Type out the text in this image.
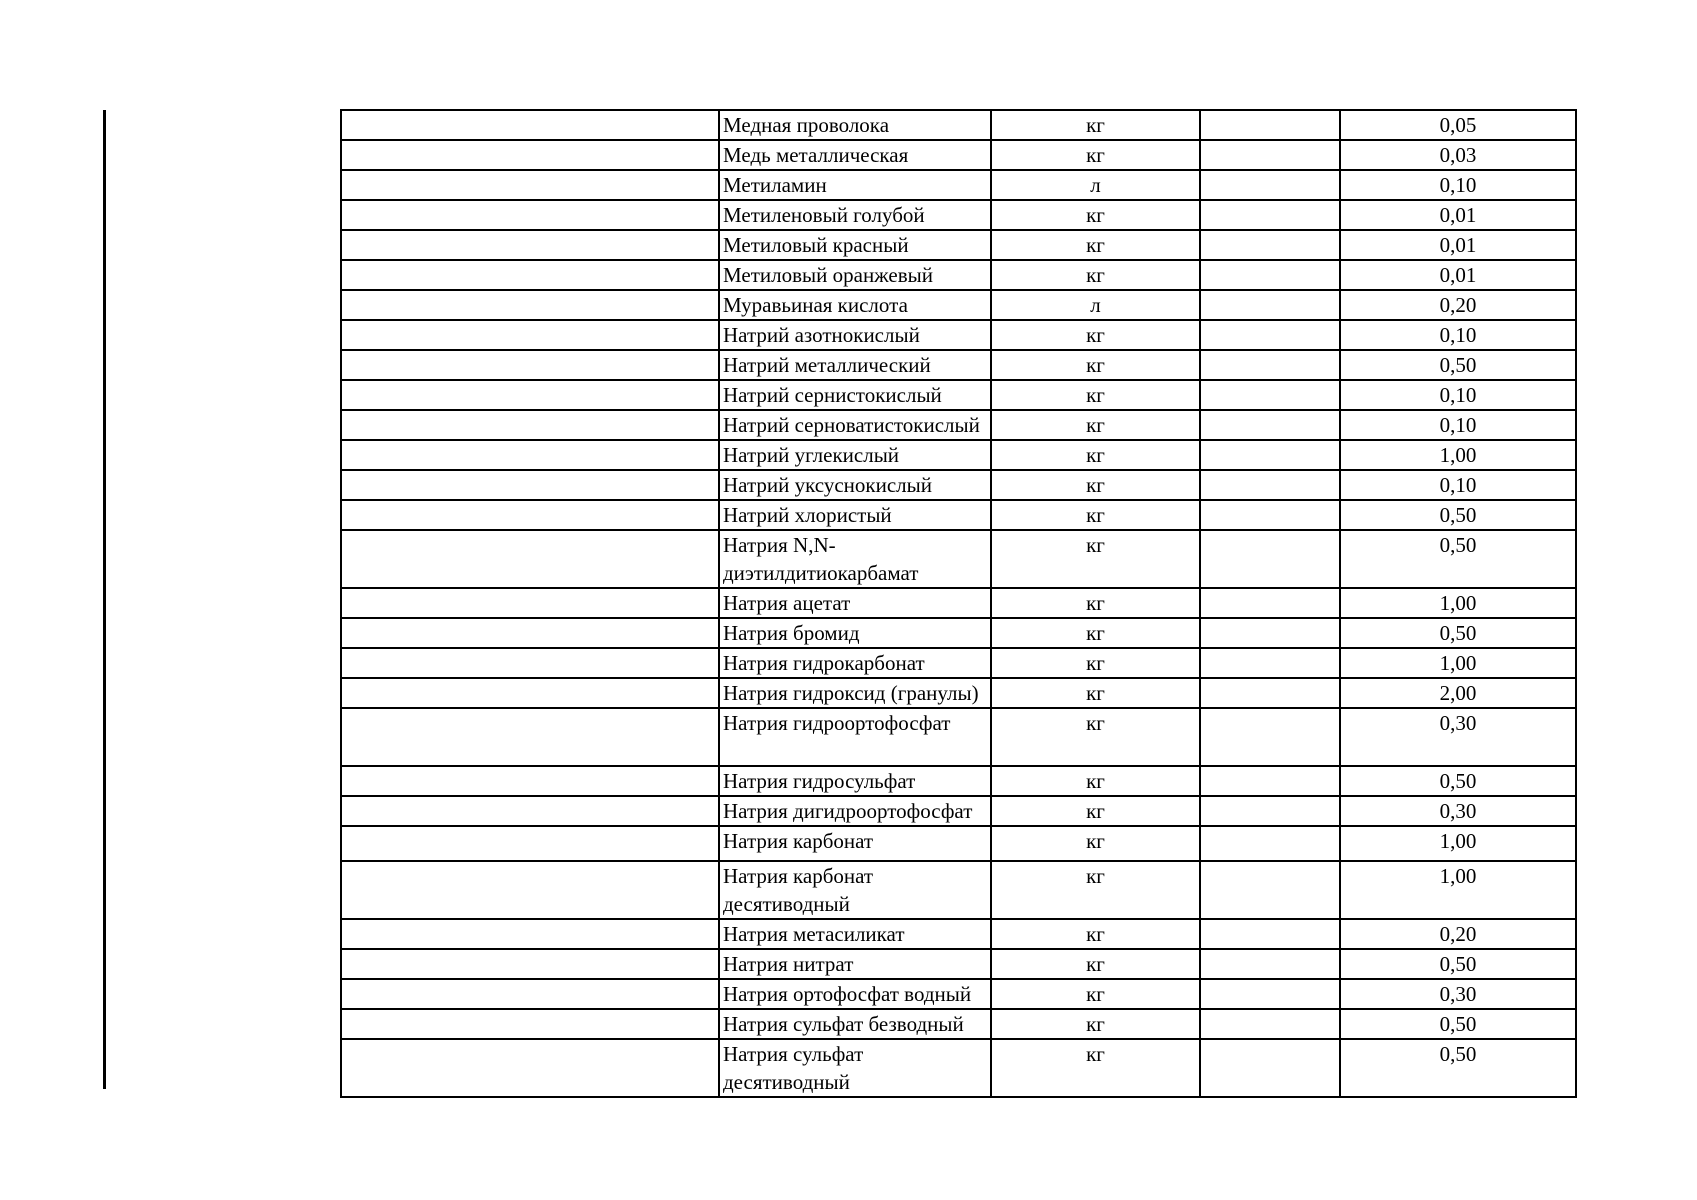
	Медная проволока	кг		0,05
	Медь металлическая	кг		0,03
	Метиламин	л		0,10
	Метиленовый голубой	кг		0,01
	Метиловый красный	кг		0,01
	Метиловый оранжевый	кг		0,01
	Муравьиная кислота	л		0,20
	Натрий азотнокислый	кг		0,10
	Натрий металлический	кг		0,50
	Натрий сернистокислый	кг		0,10
	Натрий серноватистокислый	кг		0,10
	Натрий углекислый	кг		1,00
	Натрий уксуснокислый	кг		0,10
	Натрий хлористый	кг		0,50
	Натрия N,N-диэтилдитиокарбамат	кг		0,50
	Натрия ацетат	кг		1,00
	Натрия бромид	кг		0,50
	Натрия гидрокарбонат	кг		1,00
	Натрия гидроксид (гранулы)	кг		2,00
	Натрия гидроортофосфат	кг		0,30
	Натрия гидросульфат	кг		0,50
	Натрия дигидроортофосфат	кг		0,30
	Натрия карбонат	кг		1,00
	Натрия карбонат десятиводный	кг		1,00
	Натрия метасиликат	кг		0,20
	Натрия нитрат	кг		0,50
	Натрия ортофосфат водный	кг		0,30
	Натрия сульфат безводный	кг		0,50
	Натрия сульфат десятиводный	кг		0,50
